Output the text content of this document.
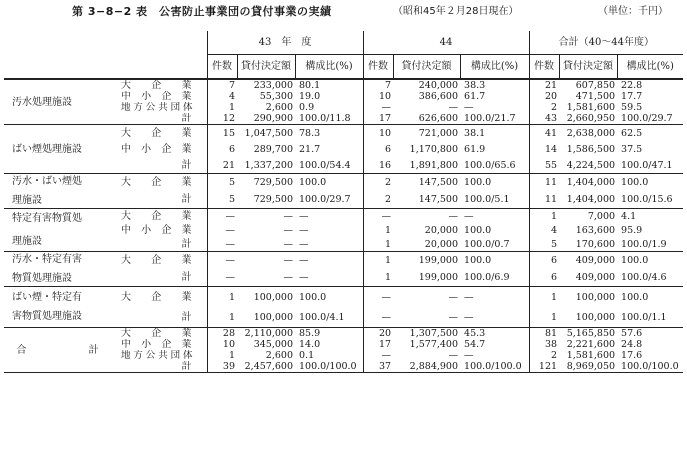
第 3−8−2 表　公害防止事業団の貸付事業の実績	（昭和45年２月28日現在）	（単位：千円）
		43　年　度			44			合計（40〜44年度）		
		件数	貸付決定額	構成比(%)	件数	貸付決定額	構成比(%)	件数	貸付決定額	構成比(%)
汚水処理施設	大　企　業	7	233,000	80.1	7	240,000	38.3	21	607,850	22.8
	中小企業	4	55,300	19.0	10	386,600	61.7	20	471,500	17.7
	地方公共団体	1	2,600	0.9	—	—	—	2	1,581,600	59.5
	計	12	290,900	100.0/11.8	17	626,600	100.0/21.7	43	2,660,950	100.0/29.7
ばい煙処理施設	大　企　業	15	1,047,500	78.3	10	721,000	38.1	41	2,638,000	62.5
	中小企業	6	289,700	21.7	6	1,170,800	61.9	14	1,586,500	37.5
	計	21	1,337,200	100.0/54.4	16	1,891,800	100.0/65.6	55	4,224,500	100.0/47.1

汚水・ばい煙処
理施設	大　企　業	5	729,500	100.0	2	147,500	100.0	11	1,404,000	100.0
	計	5	729,500	100.0/29.7	2	147,500	100.0/5.1	11	1,404,000	100.0/15.6

特定有害物質処
理施設	大　企　業	—	—	—	—	—	—	1	7,000	4.1
	中小企業	—	—	—	1	20,000	100.0	4	163,600	95.9
	計	—	—	—	1	20,000	100.0/0.7	5	170,600	100.0/1.9

汚水・特定有害
物質処理施設	大　企　業	—	—	—	1	199,000	100.0	6	409,000	100.0
	計	—	—	—	1	199,000	100.0/6.9	6	409,000	100.0/4.6

ばい煙・特定有
害物質処理施設	大　企　業	1	100,000	100.0	—	—	—	1	100,000	100.0
	計	1	100,000	100.0/4.1	—	—	—	1	100,000	100.0/1.1
合　　計	大　企　業	28	2,110,000	85.9	20	1,307,500	45.3	81	5,165,850	57.6
	中小企業	10	345,000	14.0	17	1,577,400	54.7	38	2,221,600	24.8
	地方公共団体	1	2,600	0.1	—	—	—	2	1,581,600	17.6
	計	39	2,457,600	100.0/100.0	37	2,884,900	100.0/100.0	121	8,969,050	100.0/100.0
